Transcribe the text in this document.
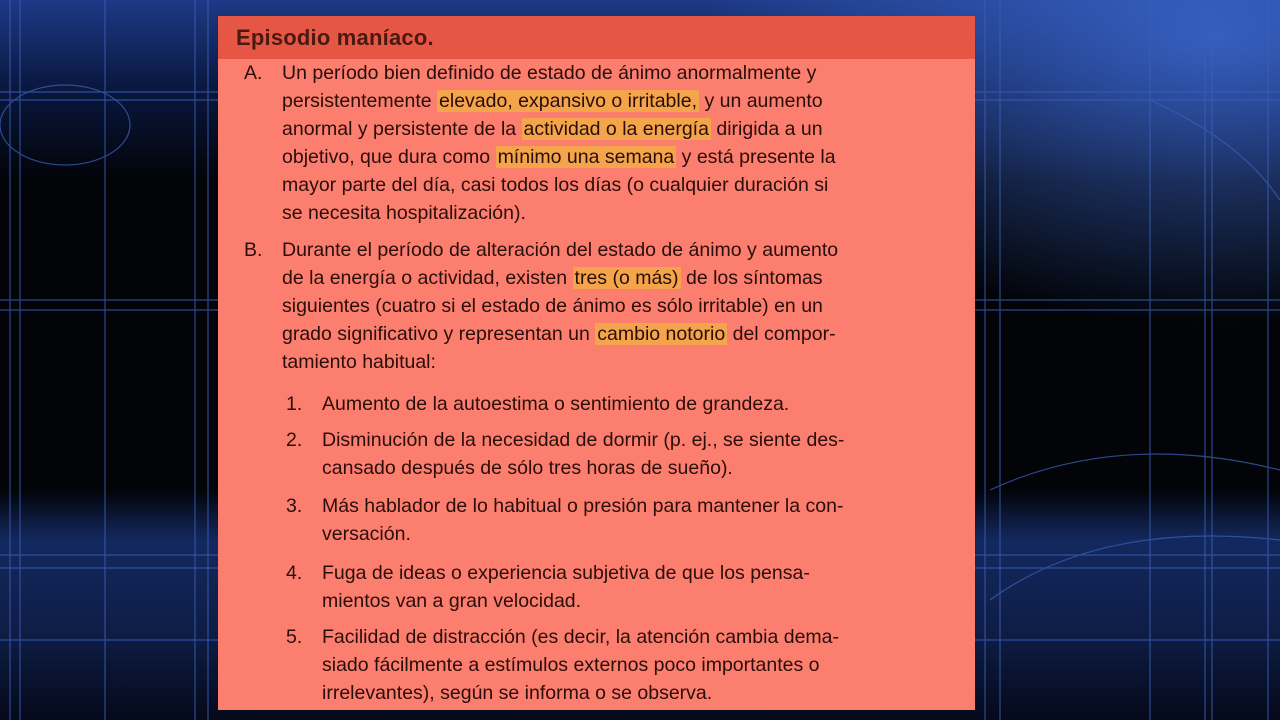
Episodio maníaco.
A. Un período bien definido de estado de ánimo anormalmente y
persistentemente elevado, expansivo o irritable, y un aumento
anormal y persistente de la actividad o la energía dirigida a un
objetivo, que dura como mínimo una semana y está presente la
mayor parte del día, casi todos los días (o cualquier duración si
se necesita hospitalización).
B. Durante el período de alteración del estado de ánimo y aumento
de la energía o actividad, existen tres (o más) de los síntomas
siguientes (cuatro si el estado de ánimo es sólo irritable) en un
grado significativo y representan un cambio notorio del compor-
tamiento habitual:
1. Aumento de la autoestima o sentimiento de grandeza.
2. Disminución de la necesidad de dormir (p. ej., se siente des-
cansado después de sólo tres horas de sueño).
3. Más hablador de lo habitual o presión para mantener la con-
versación.
4. Fuga de ideas o experiencia subjetiva de que los pensa-
mientos van a gran velocidad.
5. Facilidad de distracción (es decir, la atención cambia dema-
siado fácilmente a estímulos externos poco importantes o
irrelevantes), según se informa o se observa.
